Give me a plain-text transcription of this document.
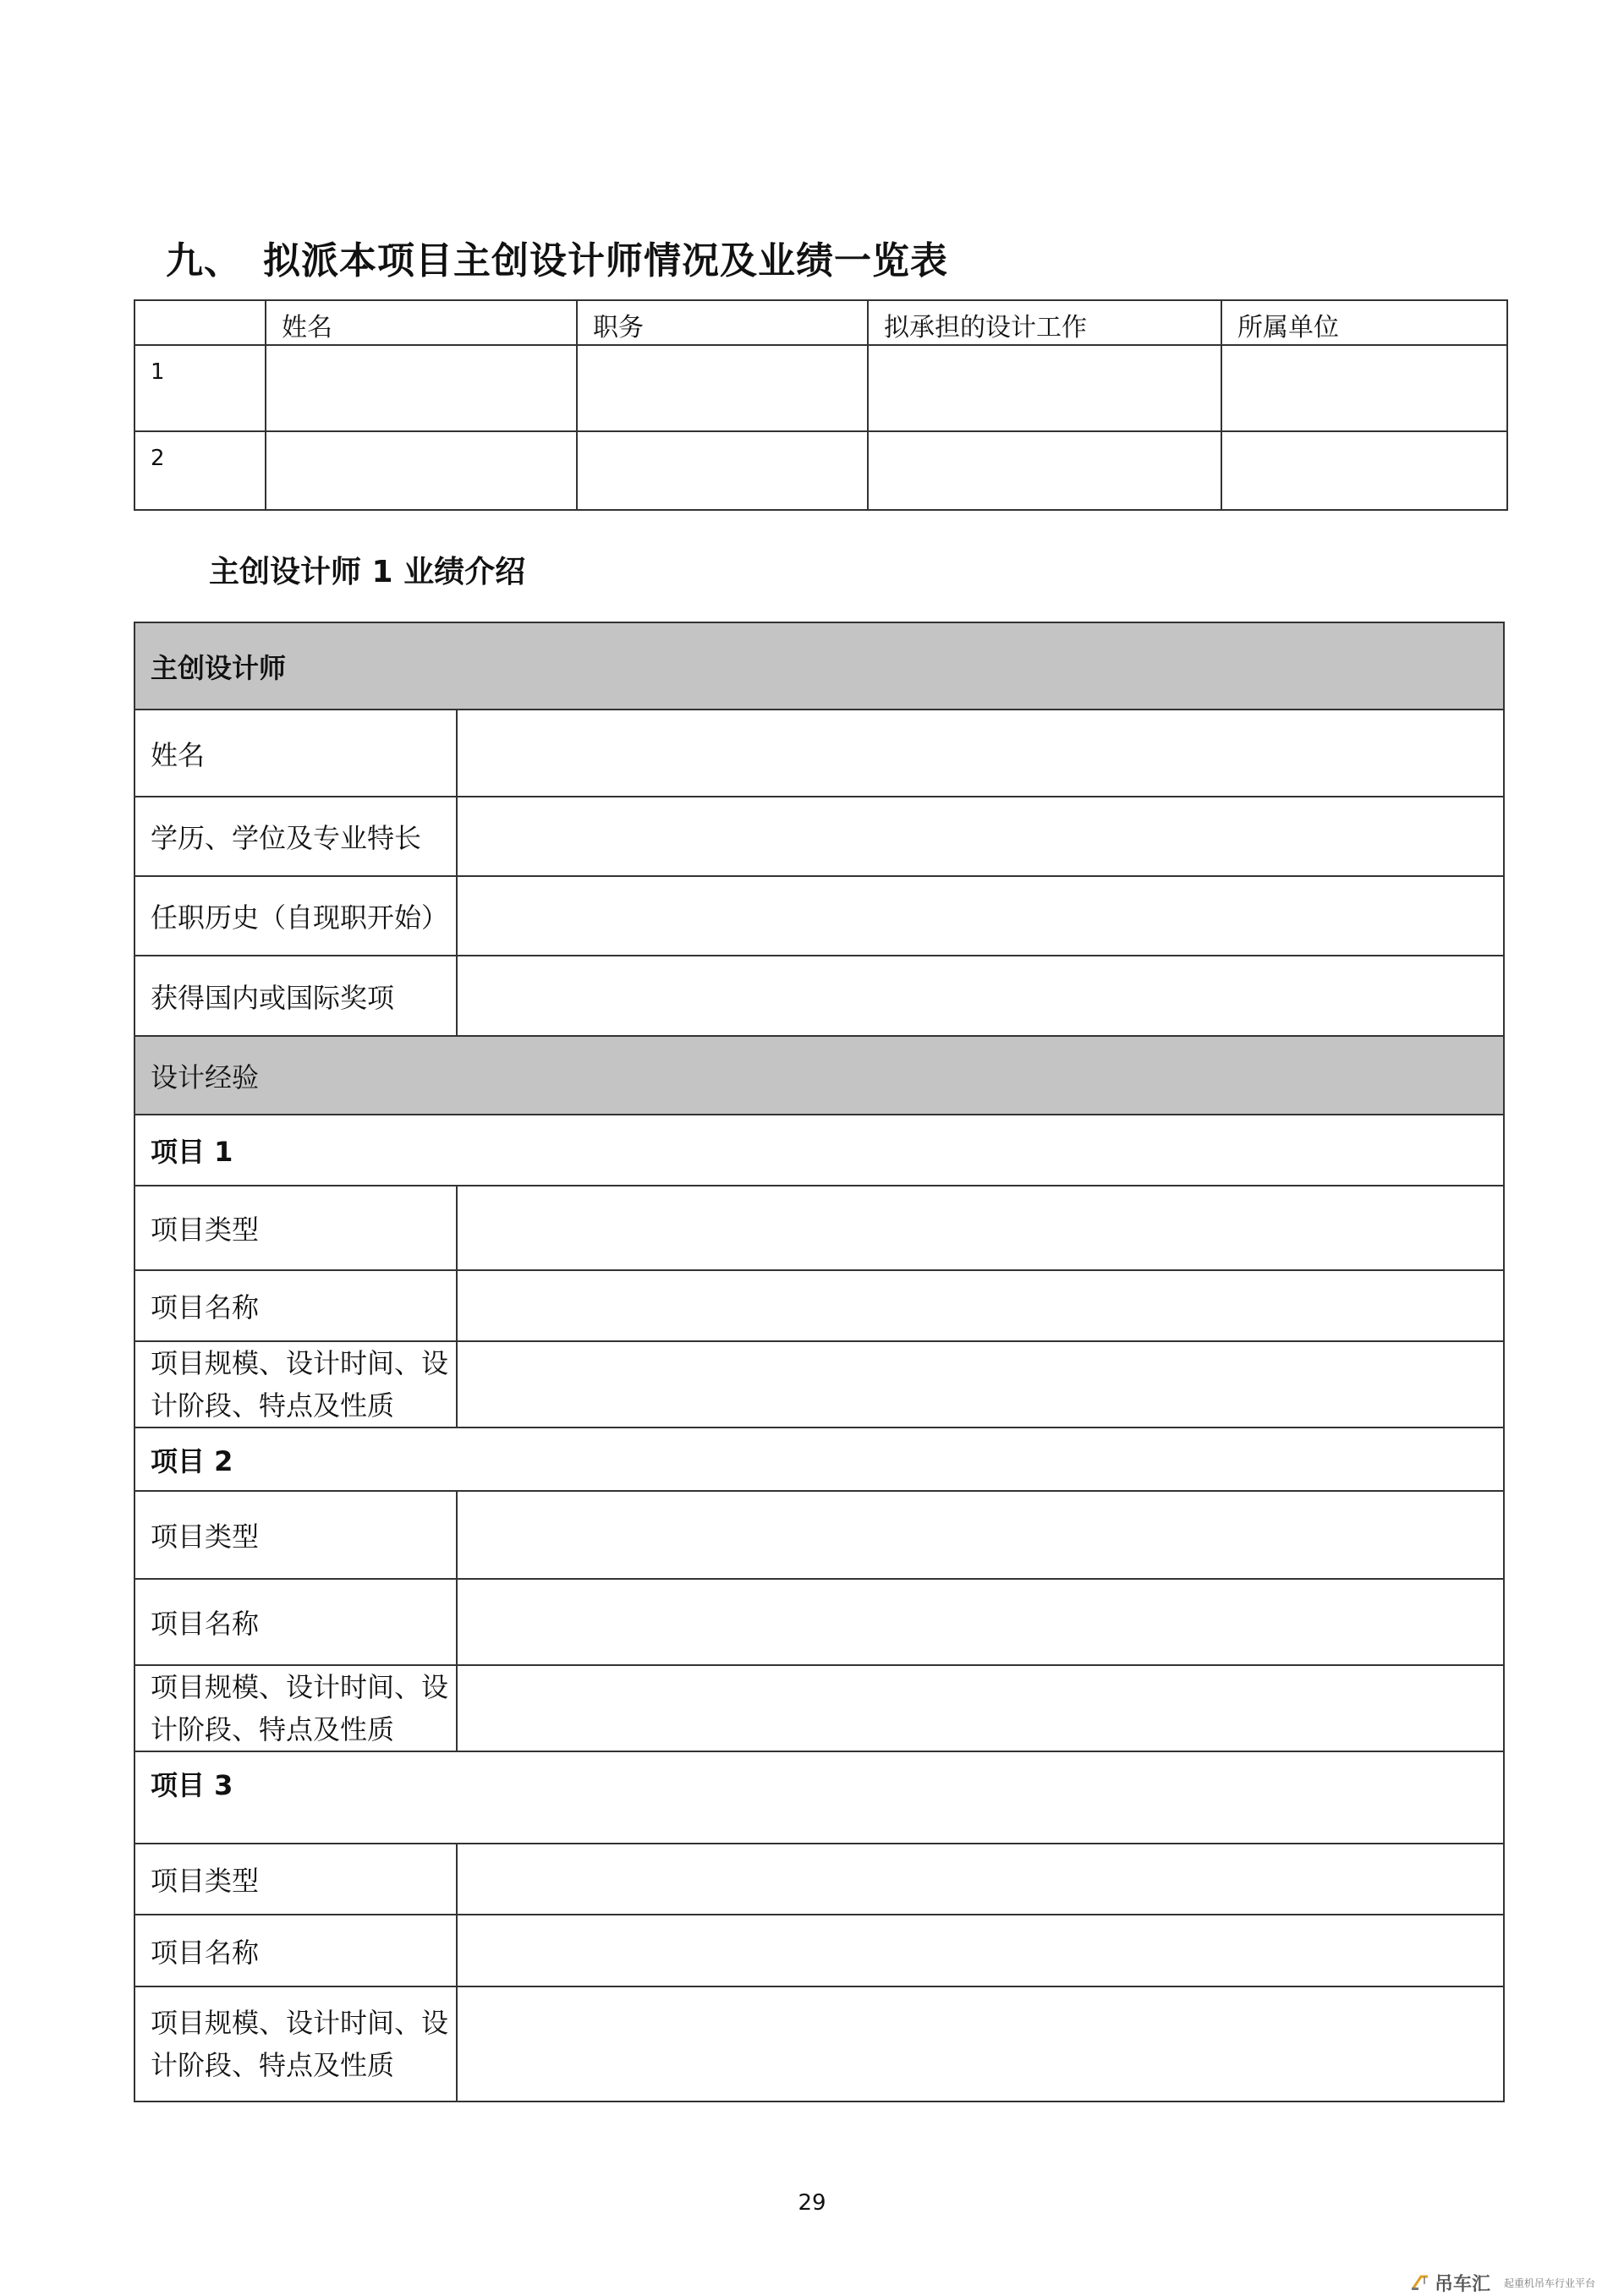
九、 拟派本项目主创设计师情况及业绩一览表
	姓名	职务	拟承担的设计工作	所属单位
1				
2				
主创设计师 1 业绩介绍
主创设计师	
姓名	
学历、学位及专业特长	
任职历史（自现职开始）	
获得国内或国际奖项	
设计经验	
项目 1	
项目类型	
项目名称	
项目规模、设计时间、设
计阶段、特点及性质	
项目 2	
项目类型	
项目名称	
项目规模、设计时间、设
计阶段、特点及性质	
项目 3	
项目类型	
项目名称	
项目规模、设计时间、设
计阶段、特点及性质	
29
吊车汇 起重机吊车行业平台
